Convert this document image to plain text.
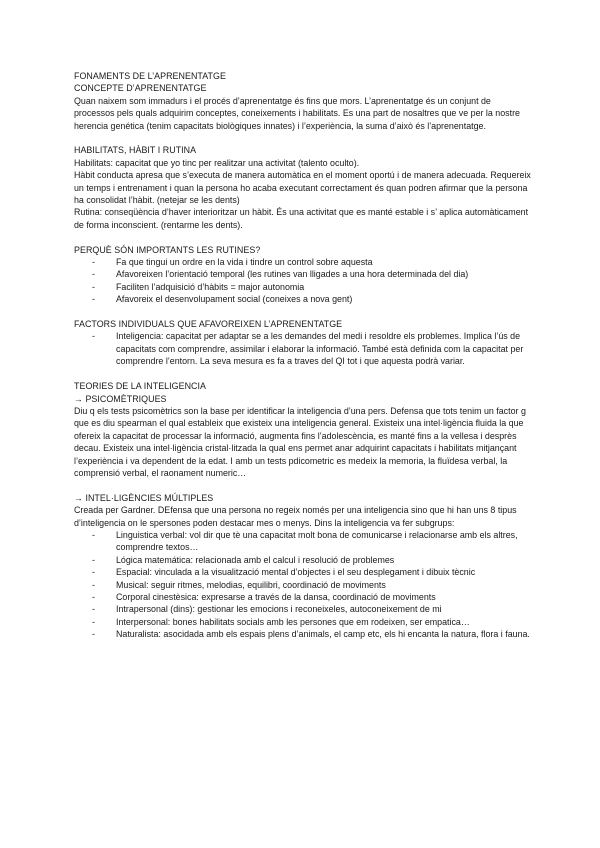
FONAMENTS DE L’APRENENTATGE

CONCEPTE D’APRENENTATGE

Quan naixem som immadurs i el procés d’aprenentatge és fins que mors. L’aprenentatge és un conjunt de processos pels quals adquirim conceptes, coneixements i habilitats. Es una part de nosaltres que ve per la nostre herencia genética (tenim capacitats biològiques innates) i l’experiència, la suma d’això és l’aprenentatge.

HABILITATS, HÀBIT I RUTINA

Habilitats: capacitat que yo tinc per realitzar una activitat (talento oculto).

Hàbit conducta apresa que s’executa de manera automàtica en el moment oportú i de manera adecuada. Requereix un temps i entrenament i quan la persona ho acaba executant correctament és quan podren afirmar que la persona ha consolidat l’hàbit. (netejar se les dents)

Rutina: conseqüència d’haver interioritzar un hàbit. És una activitat que es manté estable i s’ aplica automàticament de forma inconscient. (rentarme les dents).

PERQUÈ SÓN IMPORTANTS LES RUTINES?

- Fa que tingui un ordre en la vida i tindre un control sobre aquesta
- Afavoreixen l’orientació temporal (les rutines van lligades a una hora determinada del dia)
- Faciliten l’adquisició d’hàbits = major autonomia
- Afavoreix el desenvolupament social (coneixes a nova gent)

FACTORS INDIVIDUALS QUE AFAVOREIXEN L’APRENENTATGE

- Inteligencia: capacitat per adaptar se a les demandes del medi i resoldre els problemes. Implica l’ús de capacitats com comprendre, assimilar i elaborar la informació. També està definida com la capacitat per comprendre l’entorn. La seva mesura es fa a traves del QI tot i que aquesta podrà variar.

TEORIES DE LA INTELIGENCIA

→ PSICOMÈTRIQUES

Diu q els tests psicomètrics son la base per identificar la inteligencia d’una pers. Defensa que tots tenim un factor g que es diu spearman el qual estableix que existeix una inteligencia general. Existeix una intel·ligència fluida la que ofereix la capacitat de processar la informació, augmenta fins l’adolescència, es manté fins a la vellesa i desprès decau. Existeix una intel·ligència cristal·litzada la qual ens permet anar adquirint capacitats i habilitats mitjançant l’experiència i va dependent de la edat. I amb un tests pdicometric es medeix la memoria, la fluïdesa verbal, la comprensió verbal, el raonament numeric…

→ INTEL·LIGÈNCIES MÚLTIPLES

Creada per Gardner. DEfensa que una persona no regeix només per una inteligencia sino que hi han uns 8 tipus d’inteligencia on le spersones poden destacar mes o menys. Dins la inteligencia va fer subgrups:

- Linguistica verbal: vol dir que tè una capacitat molt bona de comunicarse i relacionarse amb els altres, comprendre textos…
- Lógica matemática: relacionada amb el calcul i resolució de problemes
- Espacial: vinculada a la visualització mental d’objectes i el seu desplegament i dibuix tècnic
- Musical: seguir ritmes, melodias, equilibri, coordinació de moviments
- Corporal cinestèsica: expresarse a través de la dansa, coordinació de moviments
- Intrapersonal (dins): gestionar les emocions i reconeixeles, autoconeixement de mi
- Interpersonal: bones habilitats socials amb les persones que em rodeixen, ser empatica…
- Naturalista: asocidada amb els espais plens d’animals, el camp etc, els hi encanta la natura, flora i fauna.
